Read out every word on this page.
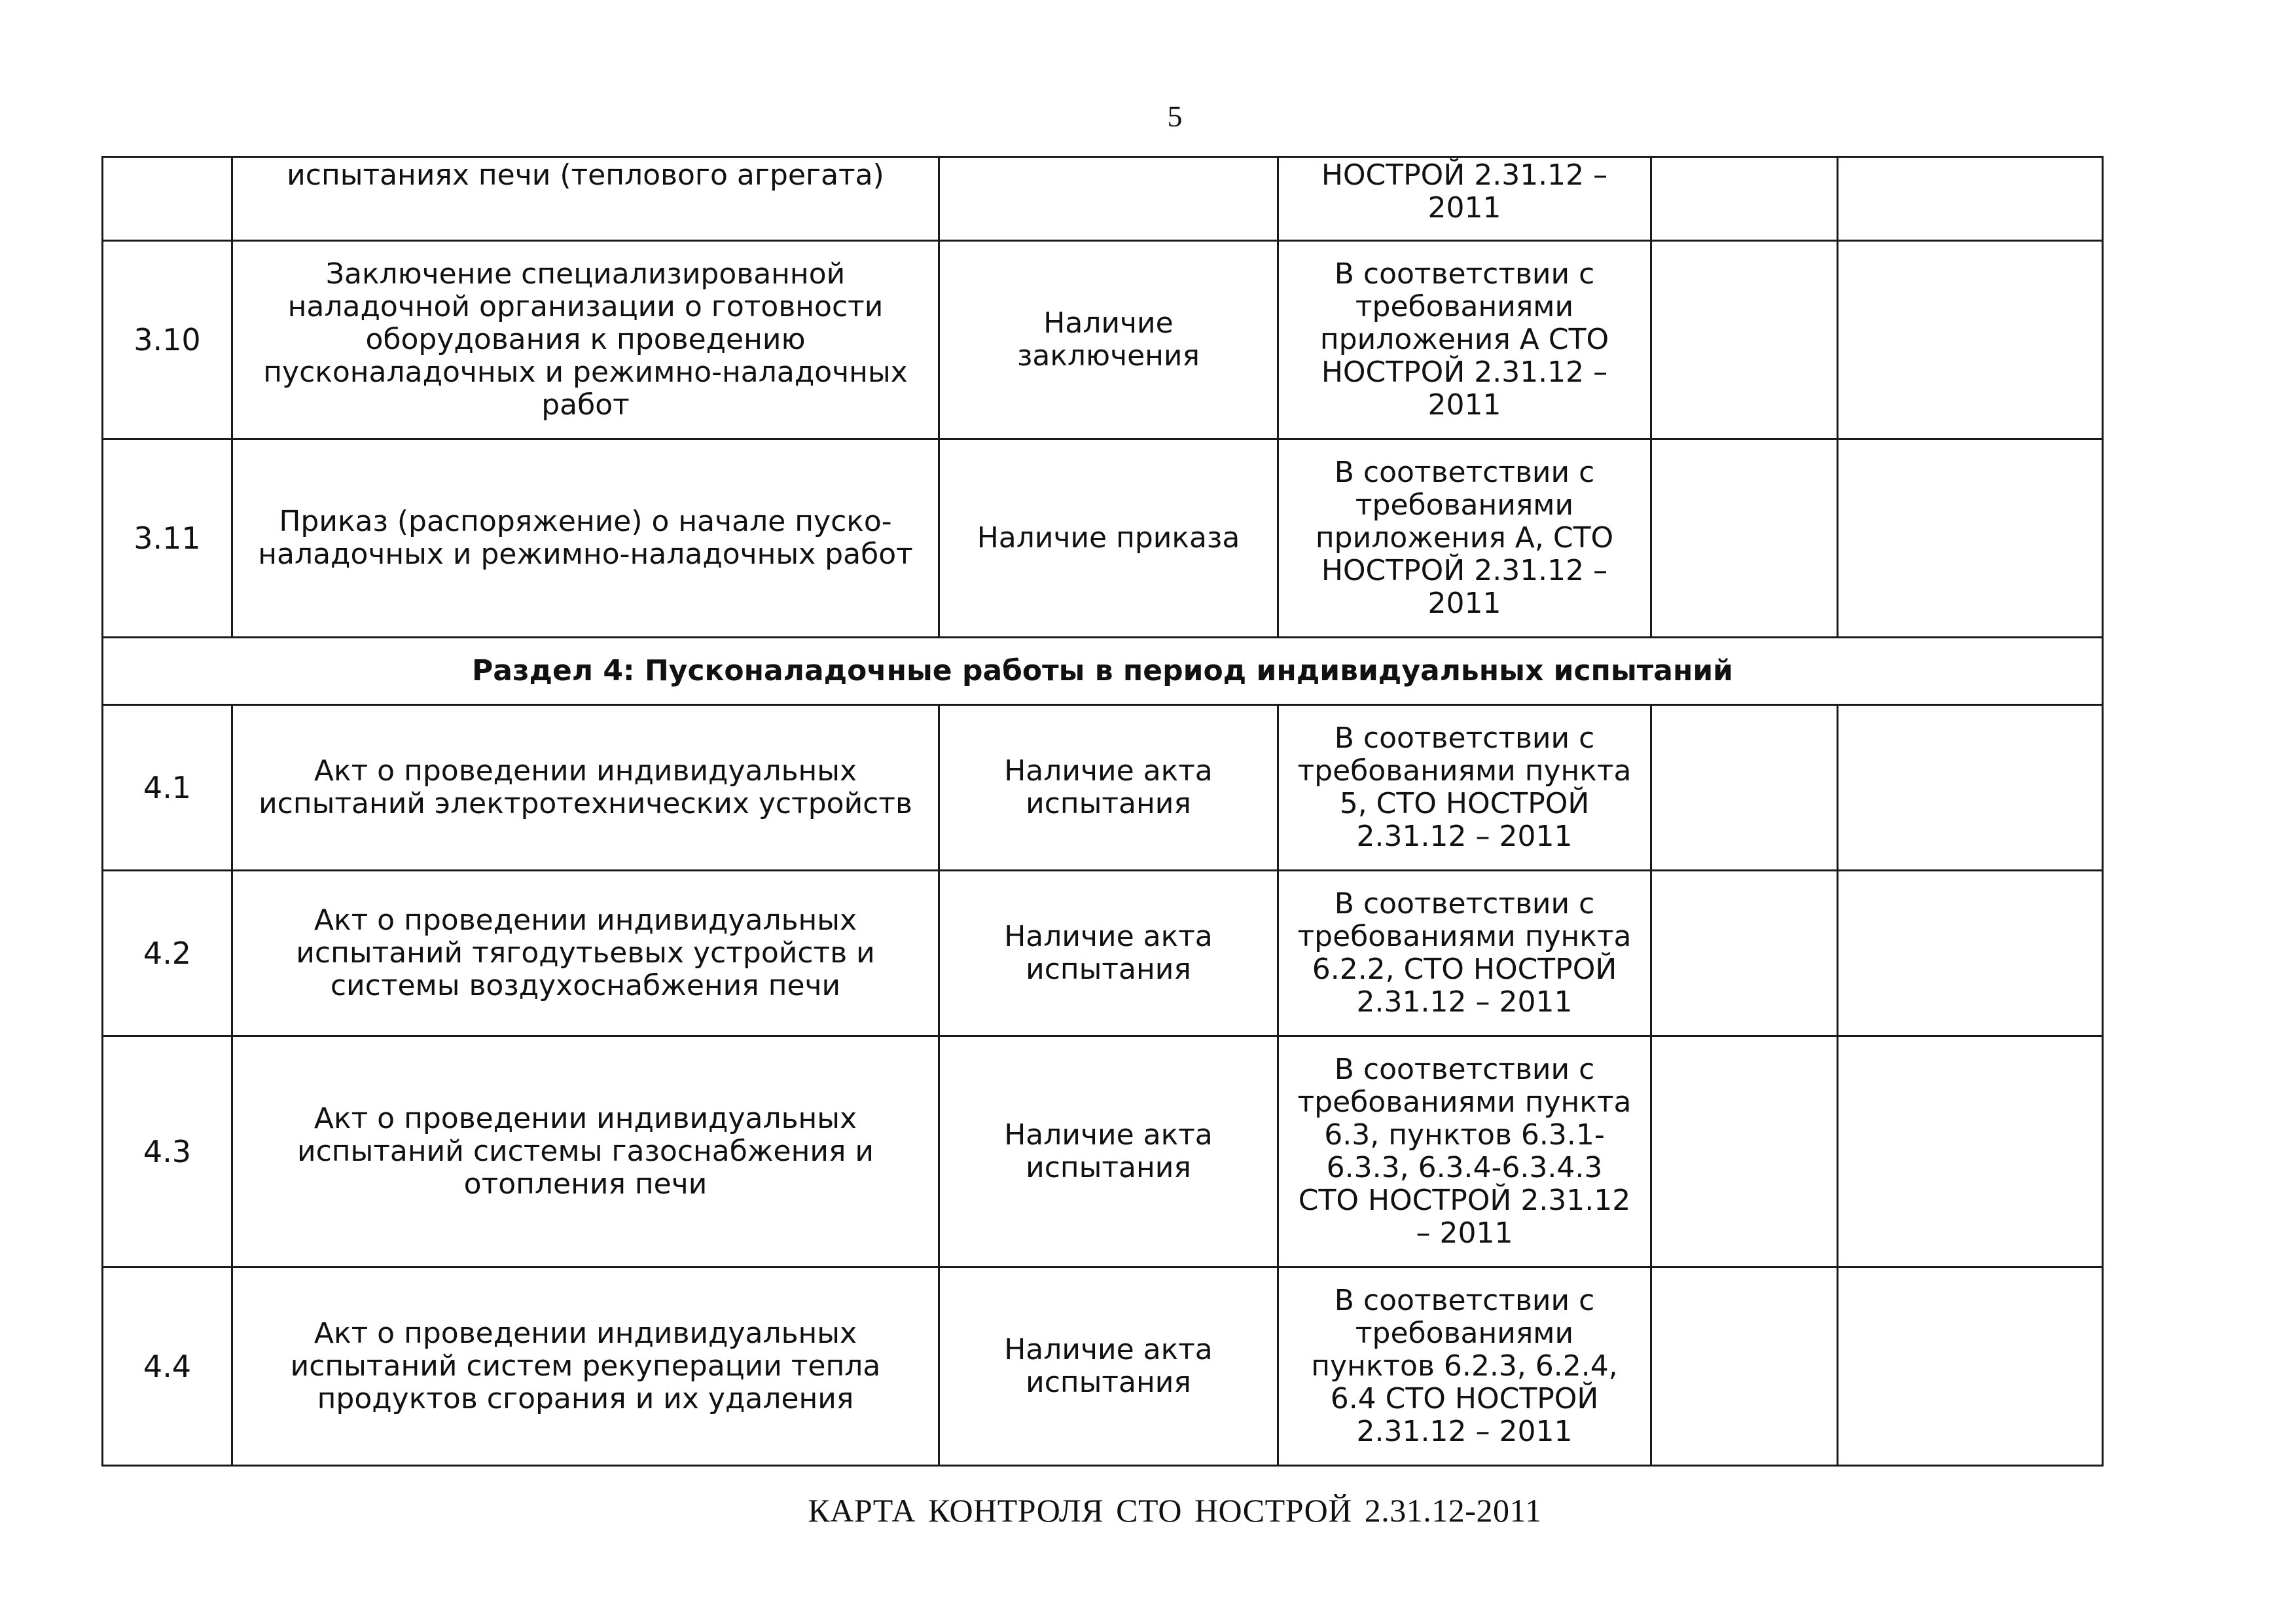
5
	испытаниях печи (теплового агрегата)		НОСТРОЙ 2.31.12 – 2011		
3.10	Заключение специализированной наладочной организации о готовности оборудования к проведению пусконаладочных и режимно-наладочных работ	Наличие заключения	В соответствии с требованиями приложения А СТО НОСТРОЙ 2.31.12 – 2011		
3.11	Приказ (распоряжение) о начале пуско-наладочных и режимно-наладочных работ	Наличие приказа	В соответствии с требованиями приложения А, СТО НОСТРОЙ 2.31.12 – 2011		
Раздел 4: Пусконаладочные работы в период индивидуальных испытаний					
4.1	Акт о проведении индивидуальных испытаний электротехнических устройств	Наличие акта испытания	В соответствии с требованиями пункта 5, СТО НОСТРОЙ 2.31.12 – 2011		
4.2	Акт о проведении индивидуальных испытаний тягодутьевых устройств и системы воздухоснабжения печи	Наличие акта испытания	В соответствии с требованиями пункта 6.2.2, СТО НОСТРОЙ 2.31.12 – 2011		
4.3	Акт о проведении индивидуальных испытаний системы газоснабжения и отопления печи	Наличие акта испытания	В соответствии с требованиями пункта 6.3, пунктов 6.3.1-6.3.3, 6.3.4-6.3.4.3 СТО НОСТРОЙ 2.31.12 – 2011		
4.4	Акт о проведении индивидуальных испытаний систем рекуперации тепла продуктов сгорания и их удаления	Наличие акта испытания	В соответствии с требованиями пунктов 6.2.3, 6.2.4, 6.4 СТО НОСТРОЙ 2.31.12 – 2011		
КАРТА КОНТРОЛЯ СТО НОСТРОЙ 2.31.12-2011
